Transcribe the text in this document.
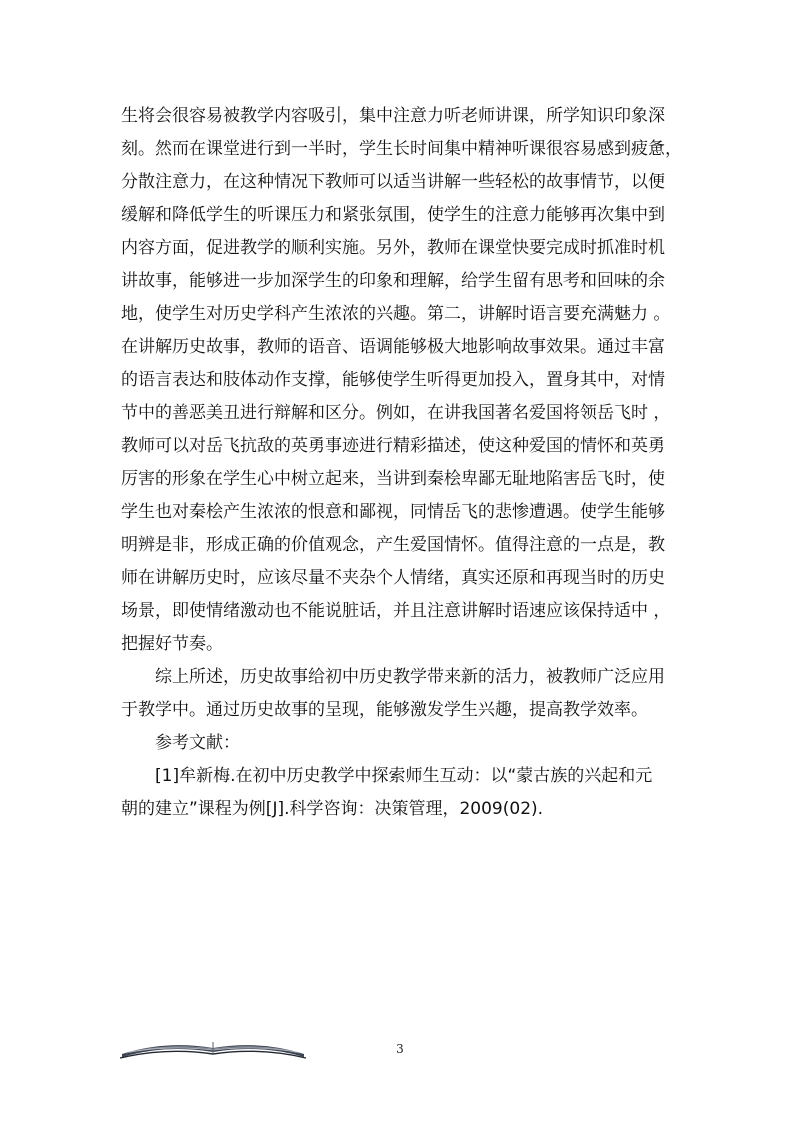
生将会很容易被教学内容吸引，集中注意力听老师讲课，所学知识印象深

刻。然而在课堂进行到一半时，学生长时间集中精神听课很容易感到疲惫，

分散注意力，在这种情况下教师可以适当讲解一些轻松的故事情节，以便

缓解和降低学生的听课压力和紧张氛围，使学生的注意力能够再次集中到

内容方面，促进教学的顺利实施。另外，教师在课堂快要完成时抓准时机

讲故事，能够进一步加深学生的印象和理解，给学生留有思考和回味的余

地，使学生对历史学科产生浓浓的兴趣。第二，讲解时语言要充满魅力 。

在讲解历史故事，教师的语音、语调能够极大地影响故事效果。通过丰富

的语言表达和肢体动作支撑，能够使学生听得更加投入，置身其中，对情

节中的善恶美丑进行辩解和区分。例如，在讲我国著名爱国将领岳飞时 ，

教师可以对岳飞抗敌的英勇事迹进行精彩描述，使这种爱国的情怀和英勇

厉害的形象在学生心中树立起来，当讲到秦桧卑鄙无耻地陷害岳飞时，使

学生也对秦桧产生浓浓的恨意和鄙视，同情岳飞的悲惨遭遇。使学生能够

明辨是非，形成正确的价值观念，产生爱国情怀。值得注意的一点是，教

师在讲解历史时，应该尽量不夹杂个人情绪，真实还原和再现当时的历史

场景，即使情绪激动也不能说脏话，并且注意讲解时语速应该保持适中 ，

把握好节奏。

综上所述，历史故事给初中历史教学带来新的活力，被教师广泛应用

于教学中。通过历史故事的呈现，能够激发学生兴趣，提高教学效率。

参考文献：

[1]牟新梅.在初中历史教学中探索师生互动：以“蒙古族的兴起和元

朝的建立”课程为例[J].科学咨询：决策管理，2009(02).

3
